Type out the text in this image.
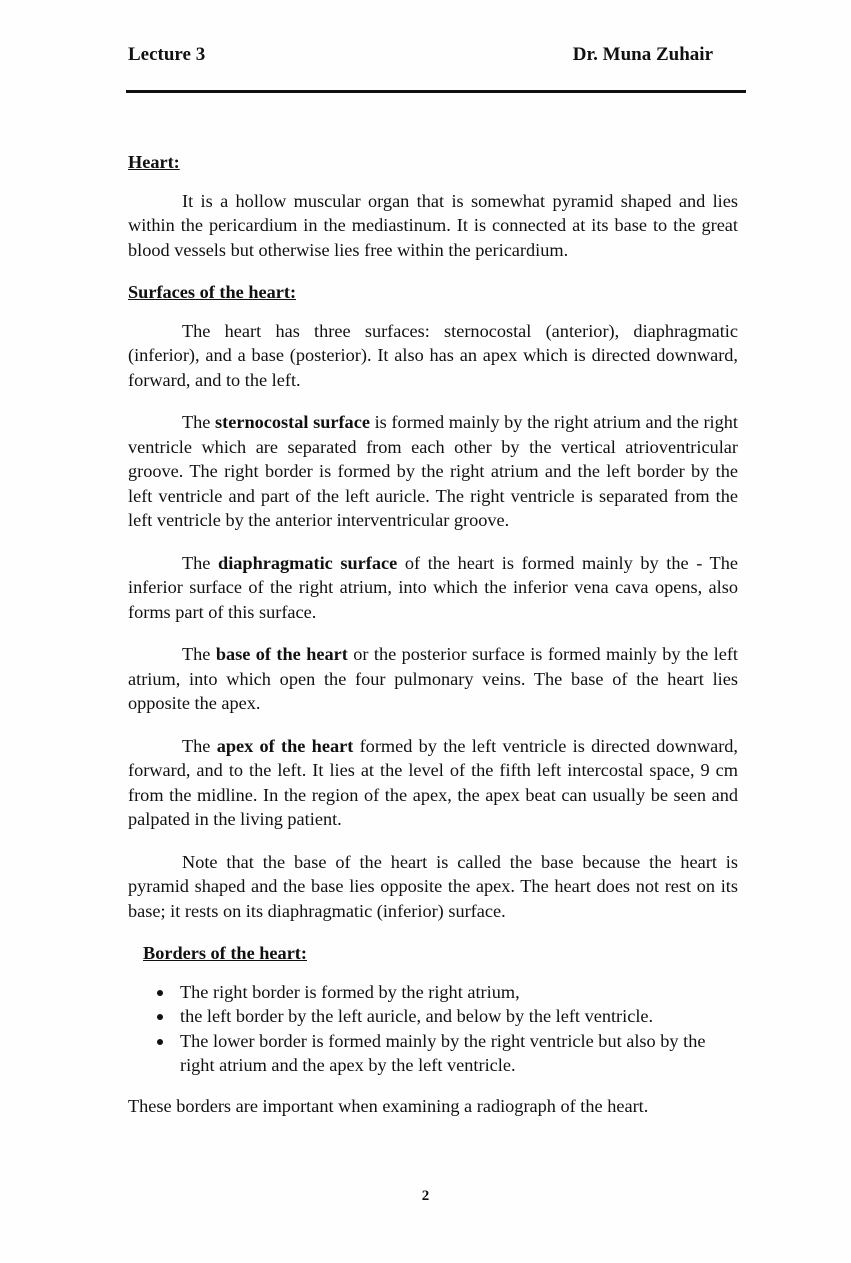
Lecture 3	Dr. Muna Zuhair
Heart:

It is a hollow muscular organ that is somewhat pyramid shaped and lies within the pericardium in the mediastinum. It is connected at its base to the great blood vessels but otherwise lies free within the pericardium.

Surfaces of the heart:

The heart has three surfaces: sternocostal (anterior), diaphragmatic (inferior), and a base (posterior). It also has an apex which is directed downward, forward, and to the left.

The sternocostal surface is formed mainly by the right atrium and the right ventricle which are separated from each other by the vertical atrioventricular groove. The right border is formed by the right atrium and the left border by the left ventricle and part of the left auricle. The right ventricle is separated from the left ventricle by the anterior interventricular groove.

The diaphragmatic surface of the heart is formed mainly by the - The inferior surface of the right atrium, into which the inferior vena cava opens, also forms part of this surface.

The base of the heart or the posterior surface is formed mainly by the left atrium, into which open the four pulmonary veins. The base of the heart lies opposite the apex.

The apex of the heart formed by the left ventricle is directed downward, forward, and to the left. It lies at the level of the fifth left intercostal space, 9 cm from the midline. In the region of the apex, the apex beat can usually be seen and palpated in the living patient.

Note that the base of the heart is called the base because the heart is pyramid shaped and the base lies opposite the apex. The heart does not rest on its base; it rests on its diaphragmatic (inferior) surface.

Borders of the heart:
The right border is formed by the right atrium,
the left border by the left auricle, and below by the left ventricle.
The lower border is formed mainly by the right ventricle but also by the right atrium and the apex by the left ventricle.

These borders are important when examining a radiograph of the heart.

2
